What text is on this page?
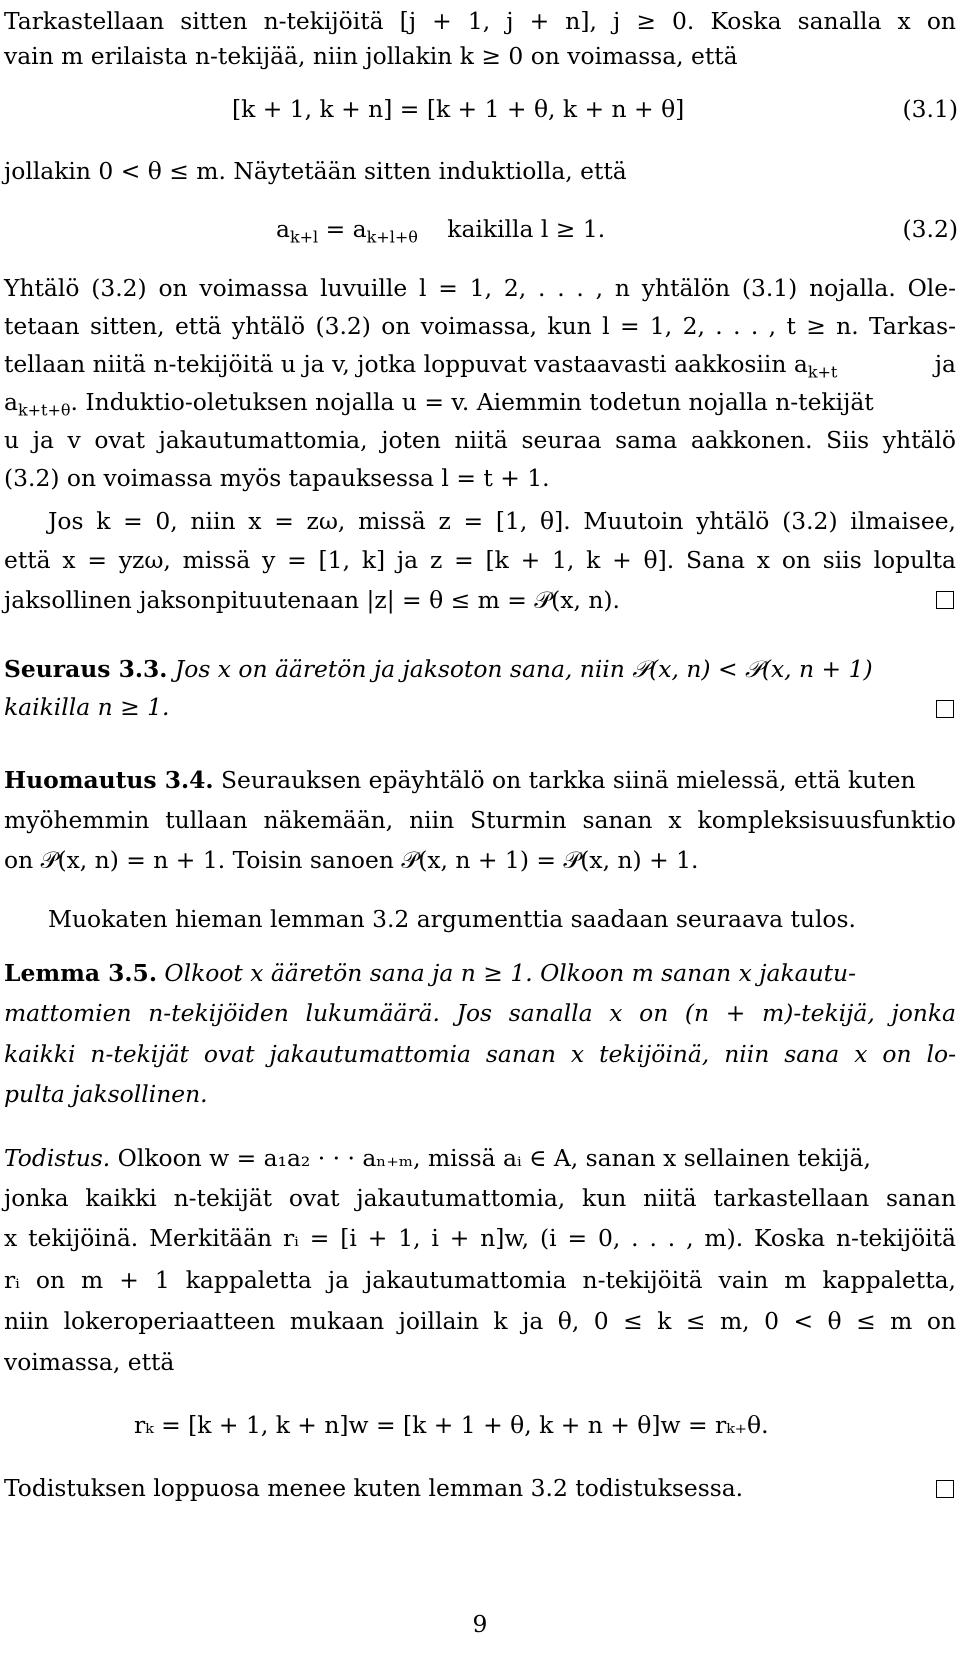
Tarkastellaan sitten n-tekijöitä [j + 1, j + n], j ≥ 0. Koska sanalla x on
vain m erilaista n-tekijää, niin jollakin k ≥ 0 on voimassa, että
[k + 1, k + n] = [k + 1 + θ, k + n + θ]	(3.1)
jollakin 0 < θ ≤ m. Näytetään sitten induktiolla, että
$a_{k+l} = a_{k+l+\theta}$ kaikilla l ≥ 1.	(3.2)
Yhtälö (3.2) on voimassa luvuille l = 1, 2, . . . , n yhtälön (3.1) nojalla. Ole-
tetaan sitten, että yhtälö (3.2) on voimassa, kun l = 1, 2, . . . , t ≥ n. Tarkas-
tellaan niitä n-tekijöitä u ja v, jotka loppuvat vastaavasti aakkosiin $a_{k+t}$	ja
$a_{k+t+\theta}$. Induktio-oletuksen nojalla u = v. Aiemmin todetun nojalla n-tekijät
u ja v ovat jakautumattomia, joten niitä seuraa sama aakkonen. Siis yhtälö
(3.2) on voimassa myös tapauksessa l = t + 1.
Jos k = 0, niin x = zω, missä z = [1, θ]. Muutoin yhtälö (3.2) ilmaisee,
että x = yzω, missä y = [1, k] ja z = [k + 1, k + θ]. Sana x on siis lopulta
jaksollinen jaksonpituutenaan |z| = θ ≤ m = 𝒫(x, n).
Seuraus 3.3. Jos x on ääretön ja jaksoton sana, niin 𝒫(x, n) < 𝒫(x, n + 1)
kaikilla n ≥ 1.
Huomautus 3.4. Seurauksen epäyhtälö on tarkka siinä mielessä, että kuten
myöhemmin tullaan näkemään, niin Sturmin sanan x kompleksisuusfunktio
on 𝒫(x, n) = n + 1. Toisin sanoen 𝒫(x, n + 1) = 𝒫(x, n) + 1.
Muokaten hieman lemman 3.2 argumenttia saadaan seuraava tulos.
Lemma 3.5. Olkoot x ääretön sana ja n ≥ 1. Olkoon m sanan x jakautu-
mattomien n-tekijöiden lukumäärä. Jos sanalla x on (n + m)-tekijä, jonka
kaikki n-tekijät ovat jakautumattomia sanan x tekijöinä, niin sana x on lo-
pulta jaksollinen.
Todistus. Olkoon w = a₁a₂ · · · aₙ₊ₘ, missä aᵢ ∈ A, sanan x sellainen tekijä,
jonka kaikki n-tekijät ovat jakautumattomia, kun niitä tarkastellaan sanan
x tekijöinä. Merkitään rᵢ = [i + 1, i + n]w, (i = 0, . . . , m). Koska n-tekijöitä
rᵢ on m + 1 kappaletta ja jakautumattomia n-tekijöitä vain m kappaletta,
niin lokeroperiaatteen mukaan joillain k ja θ, 0 ≤ k ≤ m, 0 < θ ≤ m on
voimassa, että
rₖ = [k + 1, k + n]w = [k + 1 + θ, k + n + θ]w = rₖ₊θ.
Todistuksen loppuosa menee kuten lemman 3.2 todistuksessa.
9
